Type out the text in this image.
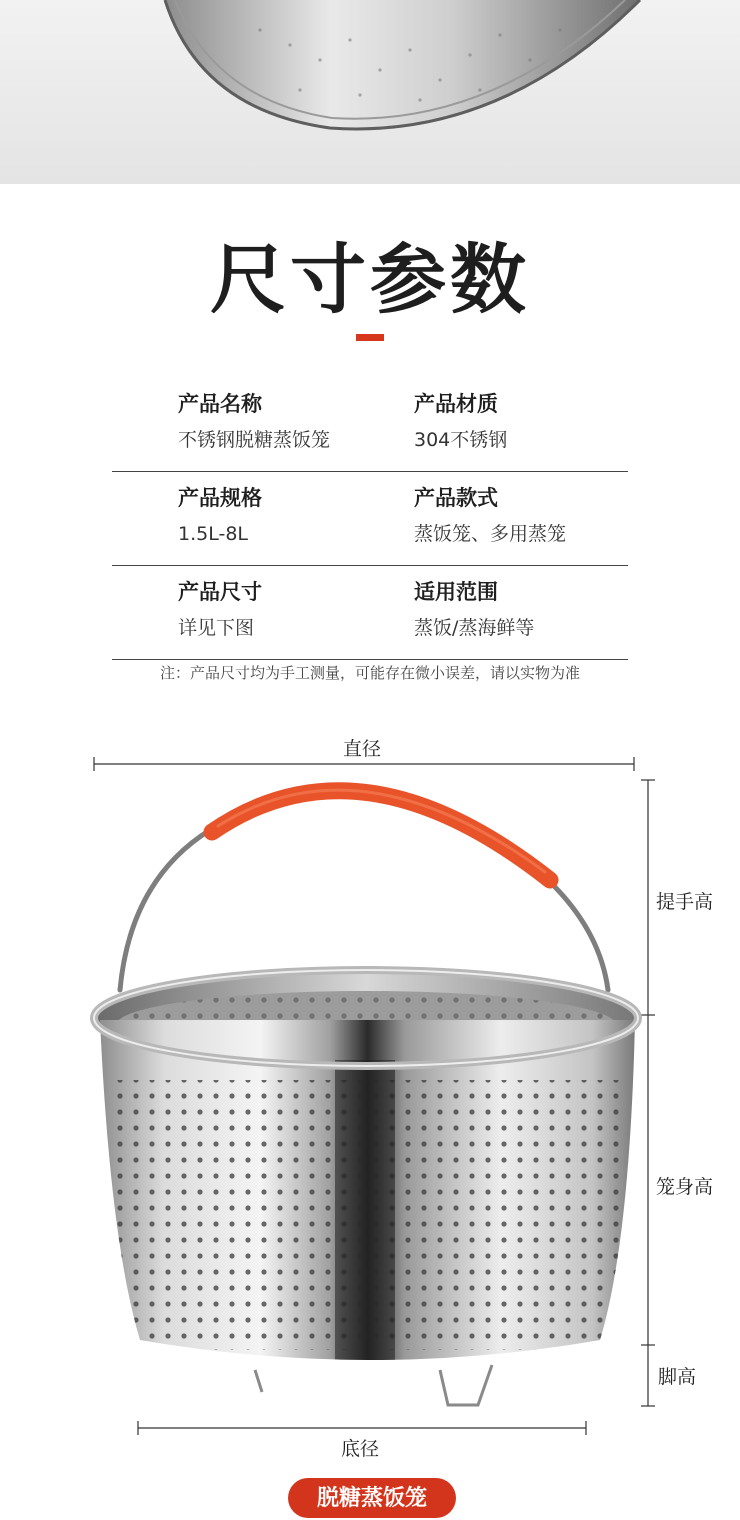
尺寸参数
产品名称
不锈钢脱糖蒸饭笼
产品材质
304不锈钢
产品规格
1.5L-8L
产品款式
蒸饭笼、多用蒸笼
产品尺寸
详见下图
适用范围
蒸饭/蒸海鲜等
注：产品尺寸均为手工测量，可能存在微小误差，请以实物为准
直径
提手高
笼身高
脚高
底径
脱糖蒸饭笼
